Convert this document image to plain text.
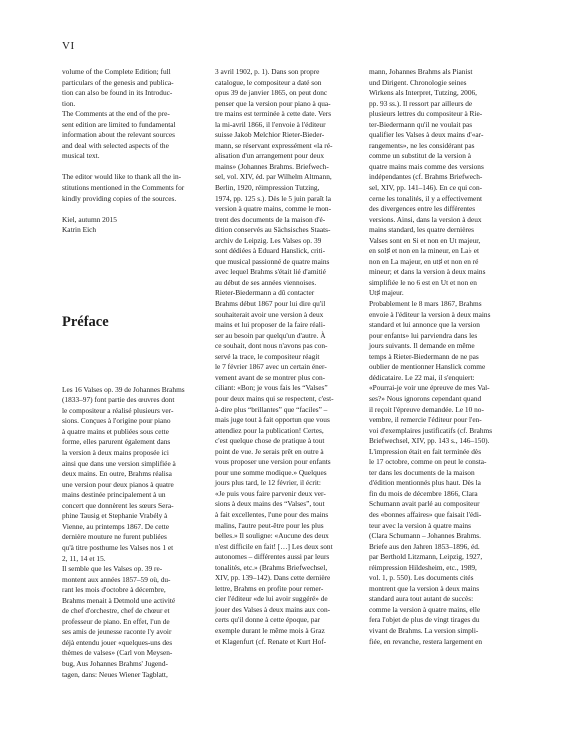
VI

volume of the Complete Edition; full

particulars of the genesis and publica-

tion can also be found in its Introduc-

tion.

The Comments at the end of the pre-

sent edition are limited to fundamental

information about the relevant sources

and deal with selected aspects of the

musical text.

The editor would like to thank all the in-

stitutions mentioned in the Comments for

kindly providing copies of the sources.

Kiel, autumn 2015

Katrin Eich

Préface

Les 16 Valses op. 39 de Johannes Brahms

(1833–97) font partie des œuvres dont

le compositeur a réalisé plusieurs ver-

sions. Conçues à l'origine pour piano

à quatre mains et publiées sous cette

forme, elles parurent également dans

la version à deux mains proposée ici

ainsi que dans une version simplifiée à

deux mains. En outre, Brahms réalisa

une version pour deux pianos à quatre

mains destinée principalement à un

concert que donnèrent les sœurs Sera-

phine Tausig et Stephanie Vrabély à

Vienne, au printemps 1867. De cette

dernière mouture ne furent publiées

qu'à titre posthume les Valses nos 1 et

2, 11, 14 et 15.

Il semble que les Valses op. 39 re-

montent aux années 1857–59 où, du-

rant les mois d'octobre à décembre,

Brahms menait à Detmold une activité

de chef d'orchestre, chef de chœur et

professeur de piano. En effet, l'un de

ses amis de jeunesse raconte l'y avoir

déjà entendu jouer «quelques-uns des

thèmes de valses» (Carl von Meysen-

bug, Aus Johannes Brahms' Jugend-

tagen, dans: Neues Wiener Tagblatt,

3 avril 1902, p. 1). Dans son propre

catalogue, le compositeur a daté son

opus 39 de janvier 1865, on peut donc

penser que la version pour piano à qua-

tre mains est terminée à cette date. Vers

la mi-avril 1866, il l'envoie à l'éditeur

suisse Jakob Melchior Rieter-Bieder-

mann, se réservant expressément «la ré-

alisation d'un arrangement pour deux

mains» (Johannes Brahms. Briefwech-

sel, vol. XIV, éd. par Wilhelm Altmann,

Berlin, 1920, réimpression Tutzing,

1974, pp. 125 s.). Dès le 5 juin paraît la

version à quatre mains, comme le mon-

trent des documents de la maison d'é-

dition conservés au Sächsisches Staats-

archiv de Leipzig. Les Valses op. 39

sont dédiées à Eduard Hanslick, criti-

que musical passionné de quatre mains

avec lequel Brahms s'était lié d'amitié

au début de ses années viennoises.

Rieter-Biedermann a dû contacter

Brahms début 1867 pour lui dire qu'il

souhaiterait avoir une version à deux

mains et lui proposer de la faire réali-

ser au besoin par quelqu'un d'autre. À

ce souhait, dont nous n'avons pas con-

servé la trace, le compositeur réagit

le 7 février 1867 avec un certain éner-

vement avant de se montrer plus con-

ciliant: «Bon; je vous fais les “Valses”

pour deux mains qui se respectent, c'est-

à-dire plus “brillantes” que “faciles” –

mais juge tout à fait opportun que vous

attendiez pour la publication! Certes,

c'est quelque chose de pratique à tout

point de vue. Je serais prêt en outre à

vous proposer une version pour enfants

pour une somme modique.» Quelques

jours plus tard, le 12 février, il écrit:

«Je puis vous faire parvenir deux ver-

sions à deux mains des “Valses”, tout

à fait excellentes, l'une pour des mains

malins, l'autre peut-être pour les plus

belles.» Il souligne: «Aucune des deux

n'est difficile en fait! […] Les deux sont

autonomes – différentes aussi par leurs

tonalités, etc.» (Brahms Briefwechsel,

XIV, pp. 139–142). Dans cette dernière

lettre, Brahms en profite pour remer-

cier l'éditeur «de lui avoir suggéré» de

jouer des Valses à deux mains aux con-

certs qu'il donne à cette époque, par

exemple durant le même mois à Graz

et Klagenfurt (cf. Renate et Kurt Hof-

mann, Johannes Brahms als Pianist

und Dirigent. Chronologie seines

Wirkens als Interpret, Tutzing, 2006,

pp. 93 ss.). Il ressort par ailleurs de

plusieurs lettres du compositeur à Rie-

ter-Biedermann qu'il ne voulait pas

qualifier les Valses à deux mains d'«ar-

rangements», ne les considérant pas

comme un substitut de la version à

quatre mains mais comme des versions

indépendantes (cf. Brahms Briefwech-

sel, XIV, pp. 141–146). En ce qui con-

cerne les tonalités, il y a effectivement

des divergences entre les différentes

versions. Ainsi, dans la version à deux

mains standard, les quatre dernières

Valses sont en Si et non en Ut majeur,

en sol♯ et non en la mineur, en La♭ et

non en La majeur, en ut♯ et non en ré

mineur; et dans la version à deux mains

simplifiée le no 6 est en Ut et non en

Ut♯ majeur.

Probablement le 8 mars 1867, Brahms

envoie à l'éditeur la version à deux mains

standard et lui annonce que la version

pour enfants» lui parviendra dans les

jours suivants. Il demande en même

temps à Rieter-Biedermann de ne pas

oublier de mentionner Hanslick comme

dédicataire. Le 22 mai, il s'enquiert:

«Pourrai-je voir une épreuve de mes Val-

ses?» Nous ignorons cependant quand

il reçoit l'épreuve demandée. Le 10 no-

vembre, il remercie l'éditeur pour l'en-

voi d'exemplaires justificatifs (cf. Brahms

Briefwechsel, XIV, pp. 143 s., 146–150).

L'impression était en fait terminée dès

le 17 octobre, comme on peut le consta-

ter dans les documents de la maison

d'édition mentionnés plus haut. Dès la

fin du mois de décembre 1866, Clara

Schumann avait parlé au compositeur

des «bonnes affaires» que faisait l'édi-

teur avec la version à quatre mains

(Clara Schumann – Johannes Brahms.

Briefe aus den Jahren 1853–1896, éd.

par Berthold Litzmann, Leipzig, 1927,

réimpression Hildesheim, etc., 1989,

vol. 1, p. 550). Les documents cités

montrent que la version à deux mains

standard aura tout autant de succès:

comme la version à quatre mains, elle

fera l'objet de plus de vingt tirages du

vivant de Brahms. La version simpli-

fiée, en revanche, restera largement en
